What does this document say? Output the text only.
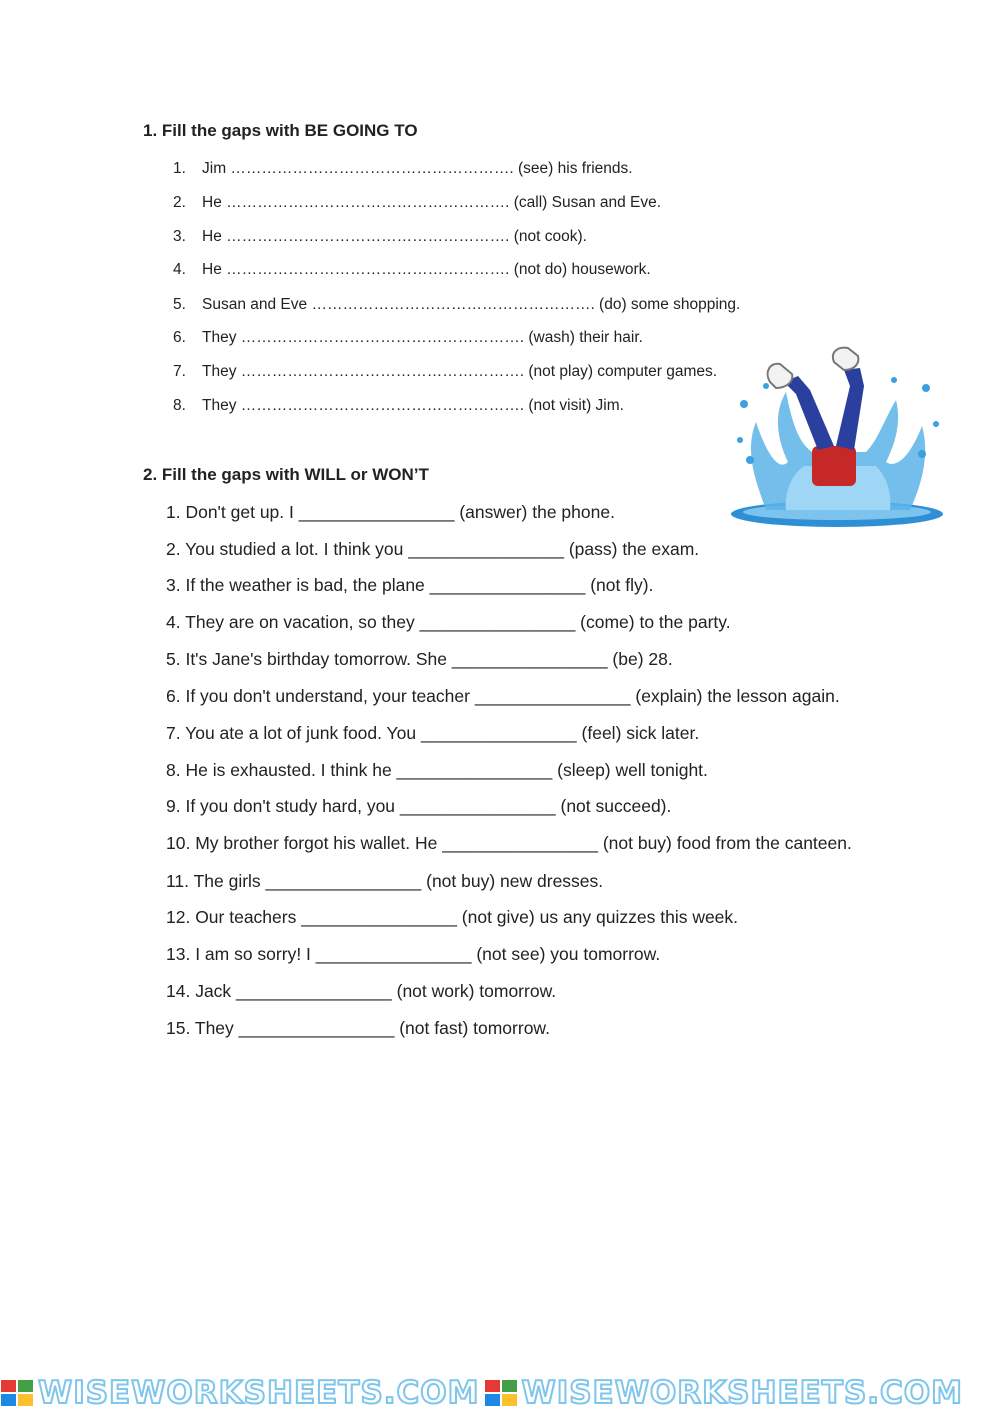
1. Fill the gaps with BE GOING TO
1. Jim ………………………………………………. (see) his friends.
2. He ………………………………………………. (call) Susan and Eve.
3. He ………………………………………………. (not cook).
4. He ………………………………………………. (not do) housework.
5. Susan and Eve ………………………………………………. (do) some shopping.
6. They ………………………………………………. (wash) their hair.
7. They ………………………………………………. (not play) computer games.
8. They ………………………………………………. (not visit) Jim.
2. Fill the gaps with WILL or WON’T
1. Don't get up. I ________________ (answer) the phone.
2. You studied a lot. I think you ________________ (pass) the exam.
3. If the weather is bad, the plane ________________ (not fly).
4. They are on vacation, so they ________________ (come) to the party.
5. It's Jane's birthday tomorrow. She ________________ (be) 28.
6. If you don't understand, your teacher ________________ (explain) the lesson again.
7. You ate a lot of junk food. You ________________ (feel) sick later.
8. He is exhausted. I think he ________________ (sleep) well tonight.
9. If you don't study hard, you ________________ (not succeed).
10. My brother forgot his wallet. He ________________ (not buy) food from the canteen.
11. The girls ________________ (not buy) new dresses.
12. Our teachers ________________ (not give) us any quizzes this week.
13. I am so sorry! I ________________ (not see) you tomorrow.
14. Jack ________________ (not work) tomorrow.
15. They ________________ (not fast) tomorrow.
WISEWORKSHEETS.COM WISEWORKSHEETS.COM
